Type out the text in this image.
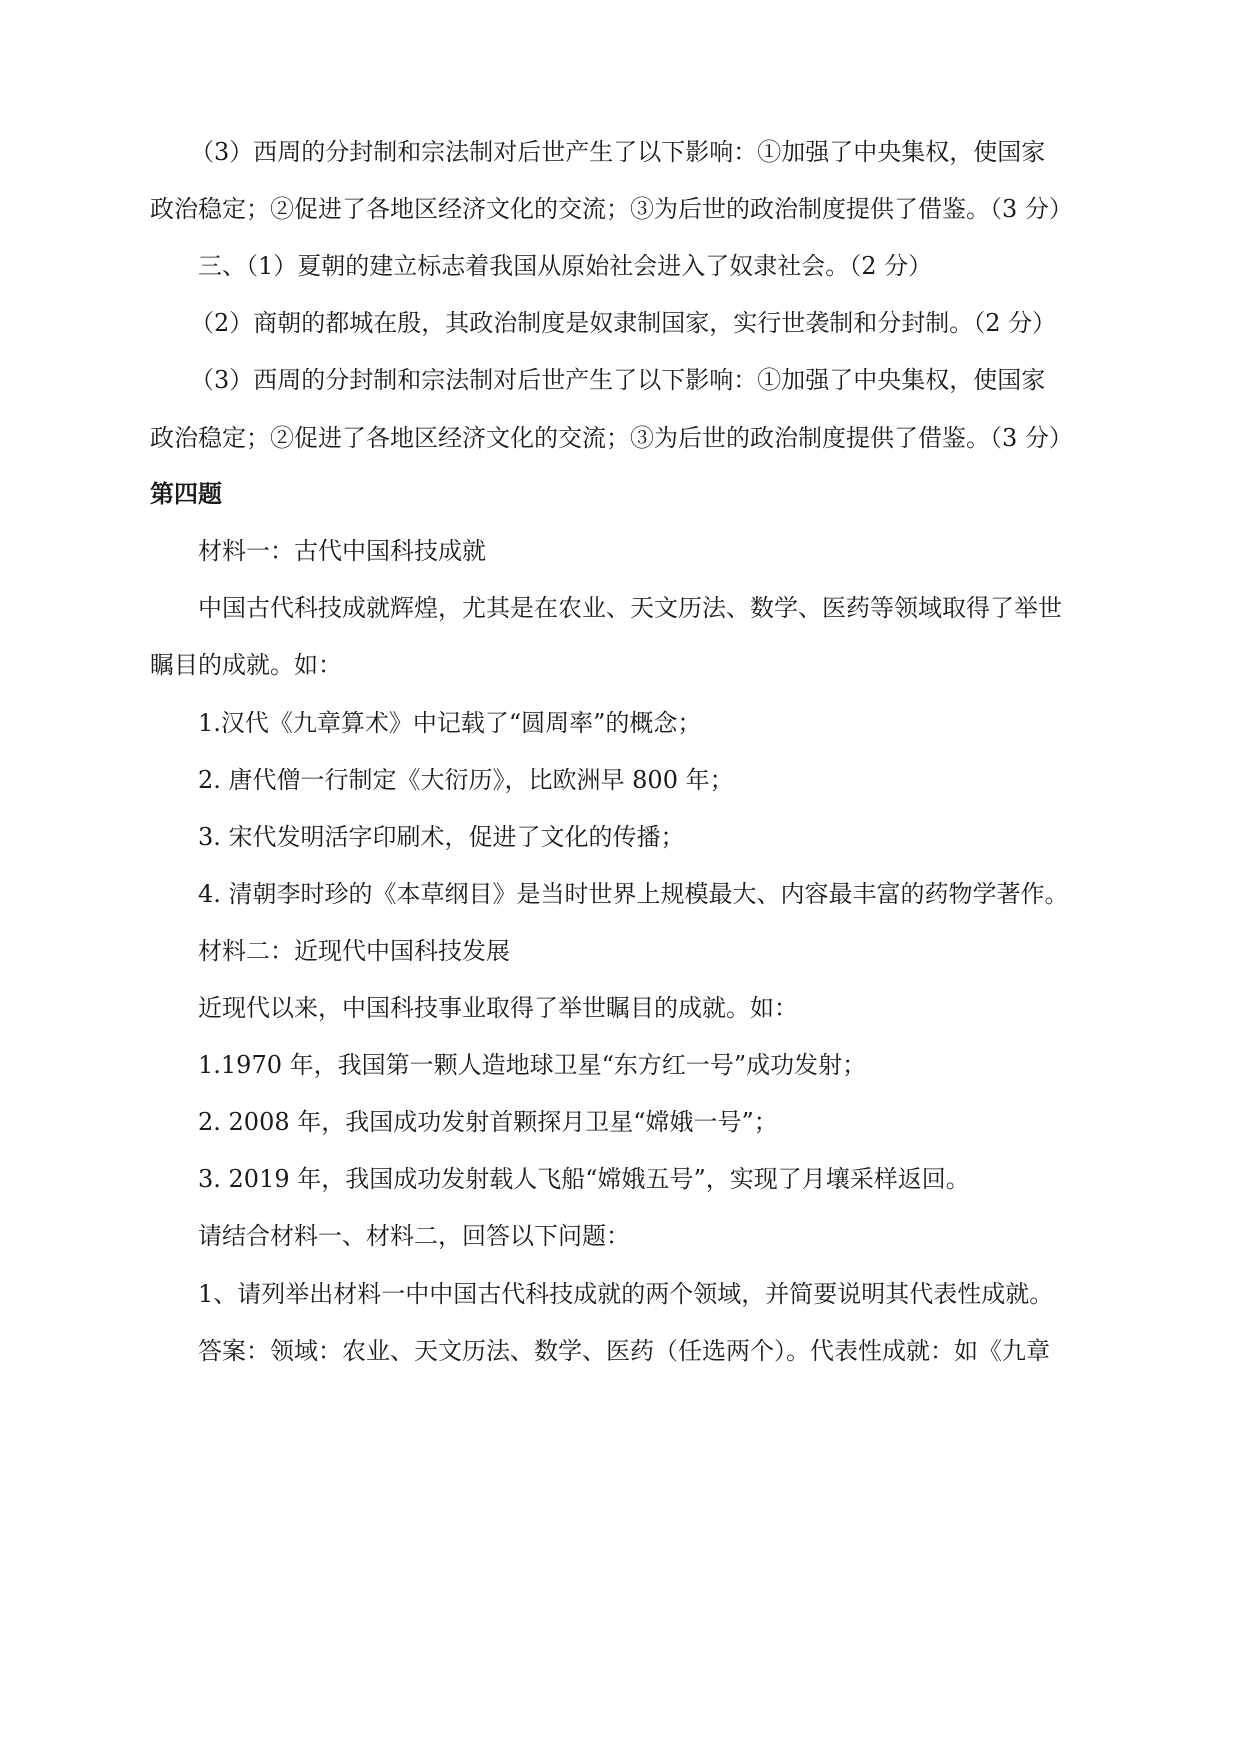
（3）西周的分封制和宗法制对后世产生了以下影响：①加强了中央集权，使国家
政治稳定；②促进了各地区经济文化的交流；③为后世的政治制度提供了借鉴。（3 分）
三、（1）夏朝的建立标志着我国从原始社会进入了奴隶社会。（2 分）
（2）商朝的都城在殷，其政治制度是奴隶制国家，实行世袭制和分封制。（2 分）
（3）西周的分封制和宗法制对后世产生了以下影响：①加强了中央集权，使国家
政治稳定；②促进了各地区经济文化的交流；③为后世的政治制度提供了借鉴。（3 分）
第四题
材料一：古代中国科技成就
中国古代科技成就辉煌，尤其是在农业、天文历法、数学、医药等领域取得了举世
瞩目的成就。如：
1.汉代《九章算术》中记载了“圆周率”的概念；
2. 唐代僧一行制定《大衍历》，比欧洲早 800 年；
3. 宋代发明活字印刷术，促进了文化的传播；
4. 清朝李时珍的《本草纲目》是当时世界上规模最大、内容最丰富的药物学著作。
材料二：近现代中国科技发展
近现代以来，中国科技事业取得了举世瞩目的成就。如：
1.1970 年，我国第一颗人造地球卫星“东方红一号”成功发射；
2. 2008 年，我国成功发射首颗探月卫星“嫦娥一号”；
3. 2019 年，我国成功发射载人飞船“嫦娥五号”，实现了月壤采样返回。
请结合材料一、材料二，回答以下问题：
1、请列举出材料一中中国古代科技成就的两个领域，并简要说明其代表性成就。
答案：领域：农业、天文历法、数学、医药（任选两个）。代表性成就：如《九章
